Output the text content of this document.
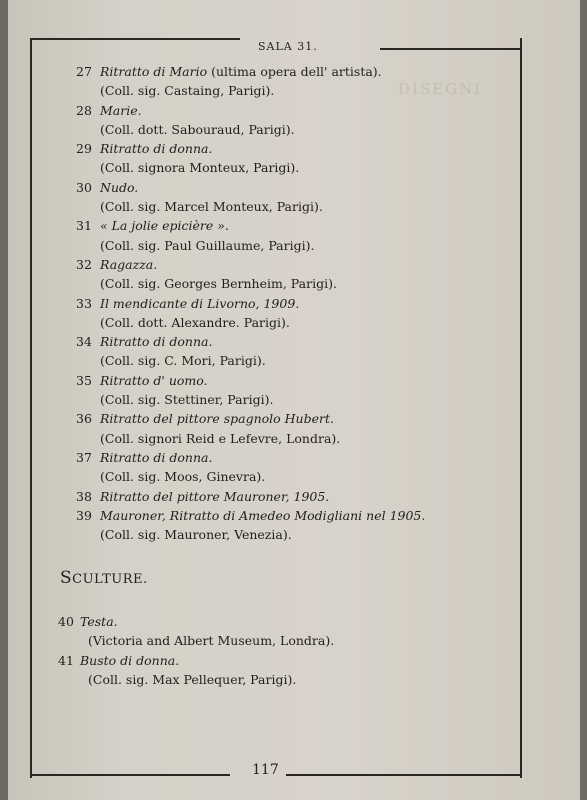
DISEGNI
SALA 31.
27 Ritratto di Mario (ultima opera dell' artista).
(Coll. sig. Castaing, Parigi).
28 Marie.
(Coll. dott. Sabouraud, Parigi).
29 Ritratto di donna.
(Coll. signora Monteux, Parigi).
30 Nudo.
(Coll. sig. Marcel Monteux, Parigi).
31 « La jolie epicière ».
(Coll. sig. Paul Guillaume, Parigi).
32 Ragazza.
(Coll. sig. Georges Bernheim, Parigi).
33 Il mendicante di Livorno, 1909.
(Coll. dott. Alexandre. Parigi).
34 Ritratto di donna.
(Coll. sig. C. Mori, Parigi).
35 Ritratto d' uomo.
(Coll. sig. Stettiner, Parigi).
36 Ritratto del pittore spagnolo Hubert.
(Coll. signori Reid e Lefevre, Londra).
37 Ritratto di donna.
(Coll. sig. Moos, Ginevra).
38 Ritratto del pittore Mauroner, 1905.
39 Mauroner, Ritratto di Amedeo Modigliani nel 1905.
(Coll. sig. Mauroner, Venezia).
SCULTURE.
40 Testa.
(Victoria and Albert Museum, Londra).
41 Busto di donna.
(Coll. sig. Max Pellequer, Parigi).
117
